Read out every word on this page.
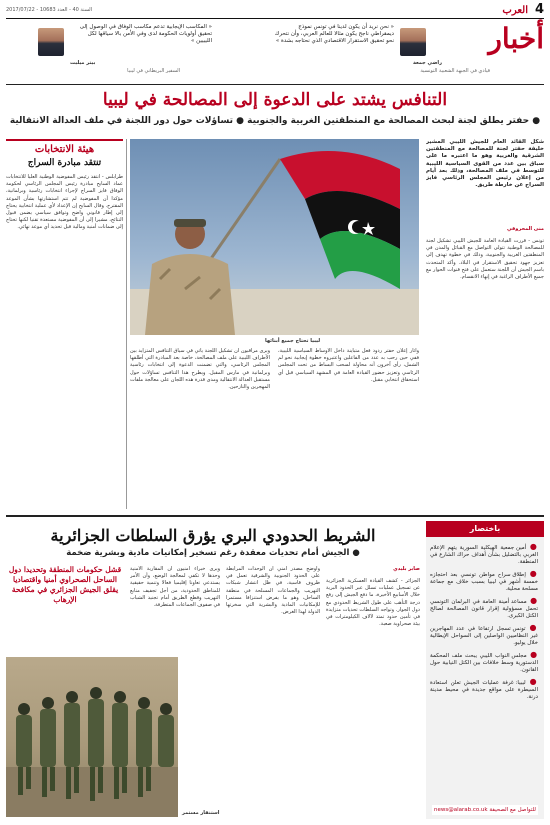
4
العرب
السنة 40 - العدد 10683 - 2017/07/22
أخبار
« نحن نريد أن يكون لدينا في تونس نموذج ديمقراطي ناجح يكون مثالا للعالم العربي، وأن نتحرك نحو تحقيق الاستقرار الاقتصادي الذي نحتاجه بشدة »
راضي جمعة
قيادي في الجبهة الشعبية التونسية
« المكاسب الإيجابية تدعم مكاسب الوفاق في الوصول إلى تحقيق أولويات الحكومة لدى وفي الأمن بالا سياقها لكل الليبيين »
بيتر ميليت
السفير البريطاني في ليبيا
التنافس يشتد على الدعوة إلى المصالحة في ليبيا
● حفتر يطلق لجنة لبحث المصالحة مع المنطقتين الغربية والجنوبية ● تساؤلات حول دور اللجنة في ملف العدالة الانتقالية
شكل القائد العام للجيش الليبي المشير خليفة حفتر لجنة للمصالحة مع المنطقتين الشرقية والغربية وهو ما اعتبره ما على سباق بين عدد من القوى السياسية الليبية للتوسط في ملف المصالحة، وذلك بعد أيام من إعلان رئيس المجلس الرئاسي فايز السراج عن خارطة طريق.
منى المحروقي
تونس - قررت القيادة العامة للجيش الليبي تشكيل لجنة للمصالحة الوطنية تتولى التواصل مع القبائل والمدن في المنطقتين الغربية والجنوبية، وذلك في خطوة تهدف إلى تعزيز جهود تحقيق الاستقرار في البلاد. وأكد المتحدث باسم الجيش أن اللجنة ستعمل على فتح قنوات الحوار مع جميع الأطراف الراغبة في إنهاء الانقسام.
ليبيا تحتاج جميع أبنائها
ويرى مراقبون أن تشكيل اللجنة يأتي في سياق التنافس المتزايد بين الأطراف الليبية على ملف المصالحة، خاصة بعد المبادرة التي أطلقها المجلس الرئاسي، والتي تضمنت الدعوة إلى انتخابات رئاسية وبرلمانية في مارس المقبل. ويطرح هذا التنافس تساؤلات حول مستقبل العدالة الانتقالية ومدى قدرة هذه اللجان على معالجة ملفات المهجرين والنازحين.
وأثار إعلان حفتر ردود فعل متباينة داخل الأوساط السياسية الليبية، ففي حين رحب به عدد من الفاعلين واعتبروه خطوة إيجابية نحو لم الشمل، رأى آخرون أنه محاولة لسحب البساط من تحت المجلس الرئاسي وتعزيز حضور القيادة العامة في المشهد السياسي قبل أي استحقاق انتخابي مقبل.
هيئة الانتخابات
تنتقد مبادرة السراج
طرابلس - انتقد رئيس المفوضية الوطنية العليا للانتخابات عماد السايح مبادرة رئيس المجلس الرئاسي لحكومة الوفاق فايز السراج لإجراء انتخابات رئاسية وبرلمانية، مؤكدا أن المفوضية لم تتم استشارتها بشأن الموعد المقترح. وقال السايح إن الإعداد لأي عملية انتخابية يحتاج إلى إطار قانوني واضح وتوافق سياسي يضمن قبول النتائج، مشيرا إلى أن المفوضية مستعدة تقنيا لكنها تحتاج إلى ضمانات أمنية ومالية قبل تحديد أي موعد نهائي.
الشريط الحدودي البري يؤرق السلطات الجزائرية
● الجيش أمام تحديات معقدة رغم تسخير إمكانيات مادية وبشرية ضخمة
صابر بليدي
الجزائر - كشف القيادة العسكرية الجزائرية عن تسجيل عمليات تسلل عبر الحدود البرية خلال الأسابيع الأخيرة، ما دفع الجيش إلى رفع درجة التأهب على طول الشريط الحدودي مع دول الجوار. وتواجه السلطات تحديات متزايدة في تأمين حدود تمتد لآلاف الكيلومترات في بيئة صحراوية صعبة.
وأوضح مصدر أمني أن الوحدات المرابطة على الحدود الجنوبية والشرقية تعمل في ظروف قاسية، في ظل انتشار شبكات التهريب والجماعات المسلحة في منطقة الساحل، وهو ما يفرض استنزافا مستمرا للإمكانيات المادية والبشرية التي سخرتها الدولة لهذا الغرض.
ويرى خبراء أمنيون أن المقاربة الأمنية وحدها لا تكفي لمعالجة الوضع، وأن الأمر يستدعي تعاونا إقليميا فعالا وتنمية حقيقية للمناطق الحدودية، من أجل تجفيف منابع التهريب وقطع الطريق أمام تجنيد الشباب في صفوف الجماعات المتطرفة.
قشل حكومات المنطقة وتحديدا دول الساحل الصحراوي أمنيا واقتصاديا يقلق الجيش الجزائري في مكافحة الإرهاب
استنفار مستمر
باختصار
● أمين جمعية الهيكلية السورية يتهم الإعلام الغربي بالتضليل بشأن أهداف حراك الشارع في المنطقة.
● إطلاق سراح مواطن تونسي بعد احتجازه خمسة أشهر في ليبيا بسبب خلاف مع جماعة مسلحة محلية.
● مساعد أمينة العامة في البرلمان التونسي تحمل مسؤولية إقرار قانون المصالحة لصالح الكتل الكبرى.
● تونس تسجل ارتفاعا في عدد المهاجرين غير النظاميين الواصلين إلى السواحل الإيطالية خلال يوليو.
● مجلس النواب الليبي يبحث ملف المحكمة الدستورية وسط خلافات بين الكتل النيابية حول القانون.
● ليبيا: غرفة عمليات الجيش تعلن استعادة السيطرة على مواقع جديدة في محيط مدينة درنة.
للتواصل مع الصحيفة news@alarab.co.uk
